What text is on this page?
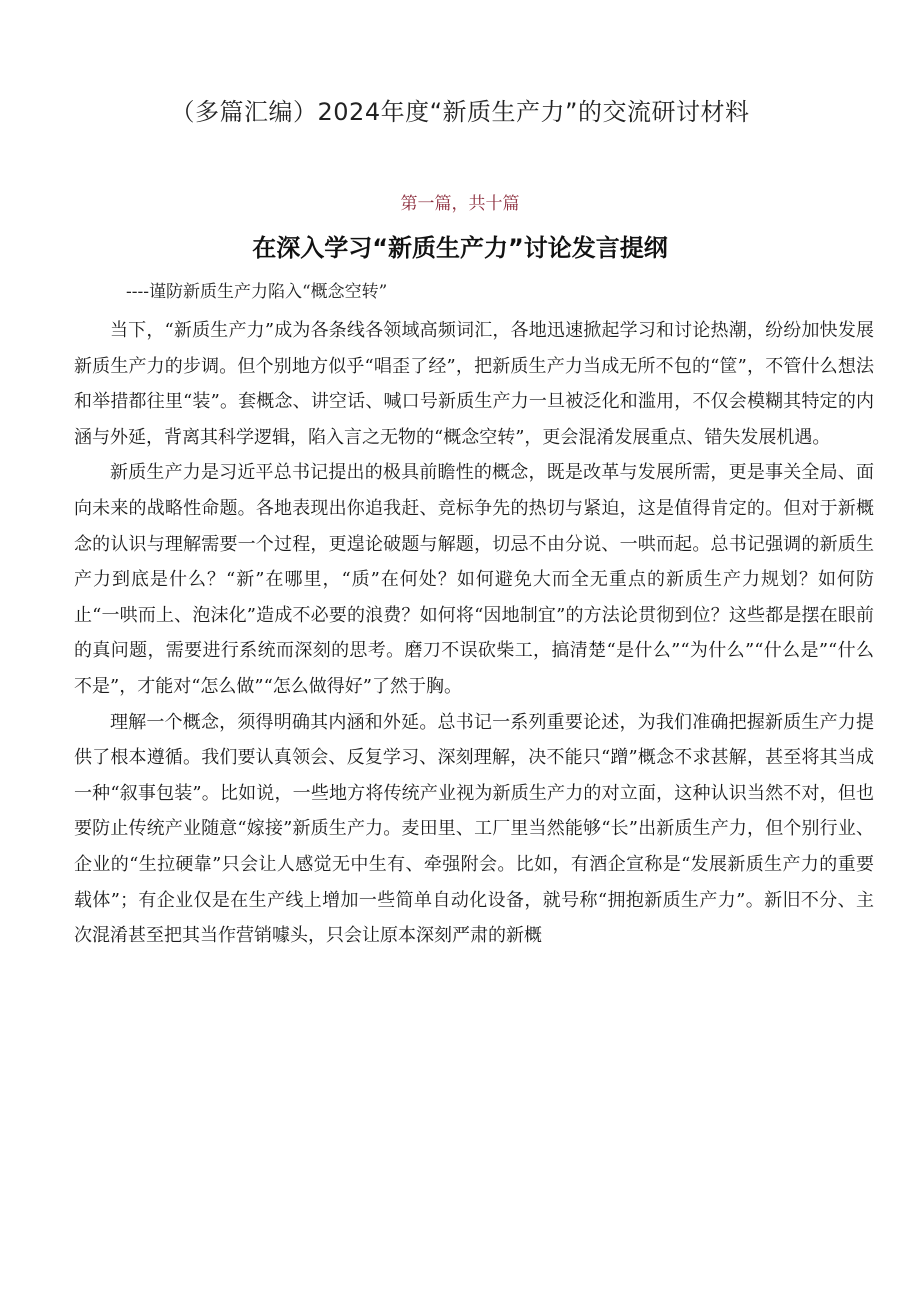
（多篇汇编）2024年度“新质生产力”的交流研讨材料

第一篇，共十篇

在深入学习“新质生产力”讨论发言提纲

----谨防新质生产力陷入“概念空转”

当下，“新质生产力”成为各条线各领域高频词汇，各地迅速掀起学习和讨论热潮，纷纷加快发展新质生产力的步调。但个别地方似乎“唱歪了经”，把新质生产力当成无所不包的“筐”，不管什么想法和举措都往里“装”。套概念、讲空话、喊口号新质生产力一旦被泛化和滥用，不仅会模糊其特定的内涵与外延，背离其科学逻辑，陷入言之无物的“概念空转”，更会混淆发展重点、错失发展机遇。

新质生产力是习近平总书记提出的极具前瞻性的概念，既是改革与发展所需，更是事关全局、面向未来的战略性命题。各地表现出你追我赶、竞标争先的热切与紧迫，这是值得肯定的。但对于新概念的认识与理解需要一个过程，更遑论破题与解题，切忌不由分说、一哄而起。总书记强调的新质生产力到底是什么？“新”在哪里，“质”在何处？如何避免大而全无重点的新质生产力规划？如何防止“一哄而上、泡沫化”造成不必要的浪费？如何将“因地制宜”的方法论贯彻到位？这些都是摆在眼前的真问题，需要进行系统而深刻的思考。磨刀不误砍柴工，搞清楚“是什么”“为什么”“什么是”“什么不是”，才能对“怎么做”“怎么做得好”了然于胸。

理解一个概念，须得明确其内涵和外延。总书记一系列重要论述，为我们准确把握新质生产力提供了根本遵循。我们要认真领会、反复学习、深刻理解，决不能只“蹭”概念不求甚解，甚至将其当成一种“叙事包装”。比如说，一些地方将传统产业视为新质生产力的对立面，这种认识当然不对，但也要防止传统产业随意“嫁接”新质生产力。麦田里、工厂里当然能够“长”出新质生产力，但个别行业、企业的“生拉硬靠”只会让人感觉无中生有、牵强附会。比如，有酒企宣称是“发展新质生产力的重要载体”；有企业仅是在生产线上增加一些简单自动化设备，就号称“拥抱新质生产力”。新旧不分、主次混淆甚至把其当作营销噱头，只会让原本深刻严肃的新概
